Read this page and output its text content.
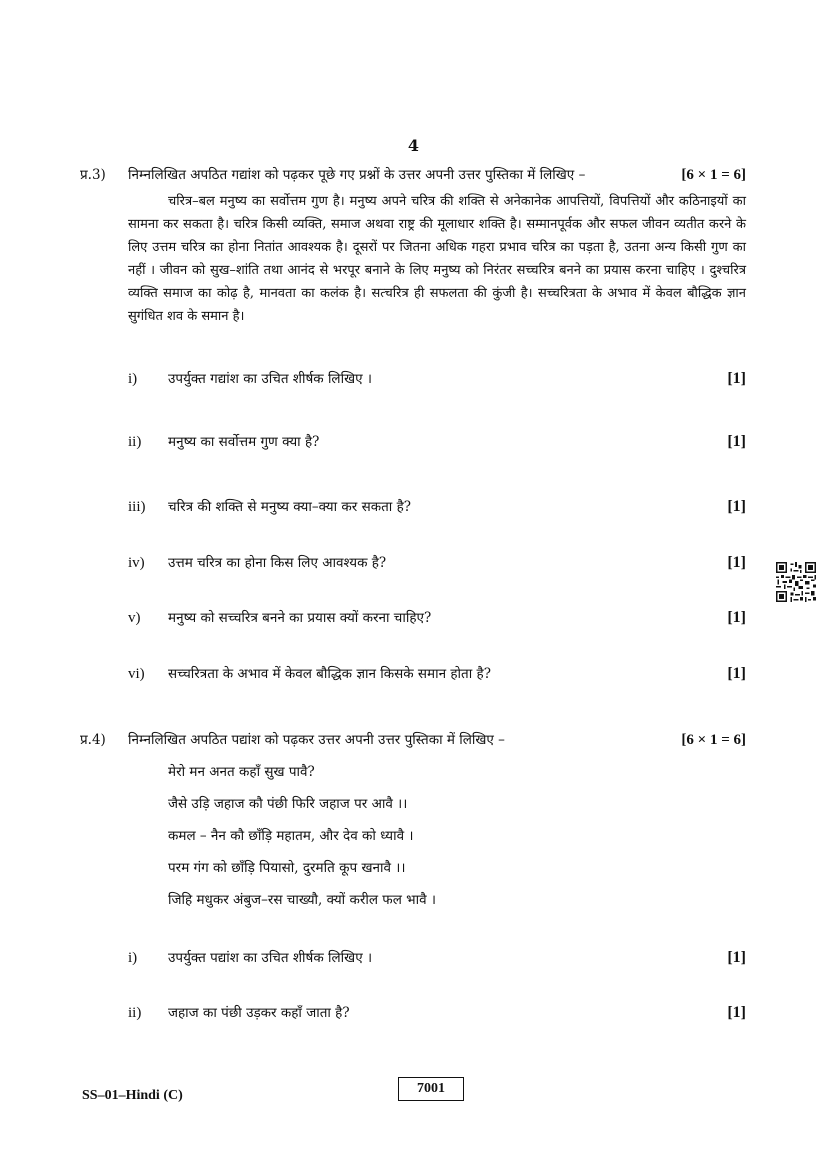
4
प्र.3) निम्नलिखित अपठित गद्यांश को पढ़कर पूछे गए प्रश्नों के उत्तर अपनी उत्तर पुस्तिका में लिखिए –	[6 × 1 = 6]

चरित्र–बल मनुष्य का सर्वोत्तम गुण है। मनुष्य अपने चरित्र की शक्ति से अनेकानेक आपत्तियों, विपत्तियों और कठिनाइयों का सामना कर सकता है। चरित्र किसी व्यक्ति, समाज अथवा राष्ट्र की मूलाधार शक्ति है। सम्मानपूर्वक और सफल जीवन व्यतीत करने के लिए उत्तम चरित्र का होना नितांत आवश्यक है। दूसरों पर जितना अधिक गहरा प्रभाव चरित्र का पड़ता है, उतना अन्य किसी गुण का नहीं । जीवन को सुख–शांति तथा आनंद से भरपूर बनाने के लिए मनुष्य को निरंतर सच्चरित्र बनने का प्रयास करना चाहिए । दुश्चरित्र व्यक्ति समाज का कोढ़ है, मानवता का कलंक है। सत्चरित्र ही सफलता की कुंजी है। सच्चरित्रता के अभाव में केवल बौद्धिक ज्ञान सुगंधित शव के समान है।

i) उपर्युक्त गद्यांश का उचित शीर्षक लिखिए ।	[1]
ii) मनुष्य का सर्वोत्तम गुण क्या है?	[1]
iii) चरित्र की शक्ति से मनुष्य क्या–क्या कर सकता है?	[1]
iv) उत्तम चरित्र का होना किस लिए आवश्यक है?	[1]
v) मनुष्य को सच्चरित्र बनने का प्रयास क्यों करना चाहिए?	[1]
vi) सच्चरित्रता के अभाव में केवल बौद्धिक ज्ञान किसके समान होता है?	[1]
प्र.4) निम्नलिखित अपठित पद्यांश को पढ़कर उत्तर अपनी उत्तर पुस्तिका में लिखिए –	[6 × 1 = 6]
मेरो मन अनत कहाँ सुख पावै?
जैसे उड़ि जहाज कौ पंछी फिरि जहाज पर आवै ।।
कमल – नैन कौ छाँड़ि महातम, और देव को ध्यावै ।
परम गंग को छाँड़ि पियासो, दुरमति कूप खनावै ।।
जिहि मधुकर अंबुज–रस चाख्यौ, क्यों करील फल भावै ।
i) उपर्युक्त पद्यांश का उचित शीर्षक लिखिए ।	[1]
ii) जहाज का पंछी उड़कर कहाँ जाता है?	[1]
SS–01–Hindi (C)	7001
